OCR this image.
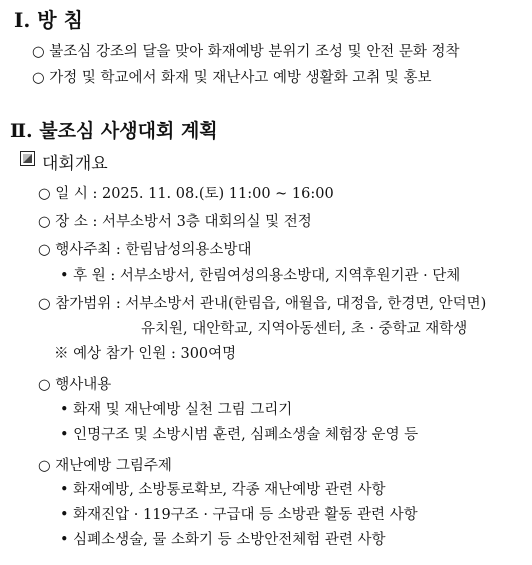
Ⅰ. 방 침
○ 불조심 강조의 달을 맞아 화재예방 분위기 조성 및 안전 문화 정착
○ 가정 및 학교에서 화재 및 재난사고 예방 생활화 고취 및 홍보
Ⅱ. 불조심 사생대회 계획
대회개요
○ 일 시 : 2025. 11. 08.(토) 11:00 ~ 16:00
○ 장 소 : 서부소방서 3층 대회의실 및 전정
○ 행사주최 : 한림남성의용소방대
• 후 원 : 서부소방서, 한림여성의용소방대, 지역후원기관 · 단체
○ 참가범위 : 서부소방서 관내(한림읍, 애월읍, 대정읍, 한경면, 안덕면)
유치원, 대안학교, 지역아동센터, 초 · 중학교 재학생
※ 예상 참가 인원 : 300여명
○ 행사내용
• 화재 및 재난예방 실천 그림 그리기
• 인명구조 및 소방시범 훈련, 심폐소생술 체험장 운영 등
○ 재난예방 그림주제
• 화재예방, 소방통로확보, 각종 재난예방 관련 사항
• 화재진압 · 119구조 · 구급대 등 소방관 활동 관련 사항
• 심폐소생술, 물 소화기 등 소방안전체험 관련 사항
